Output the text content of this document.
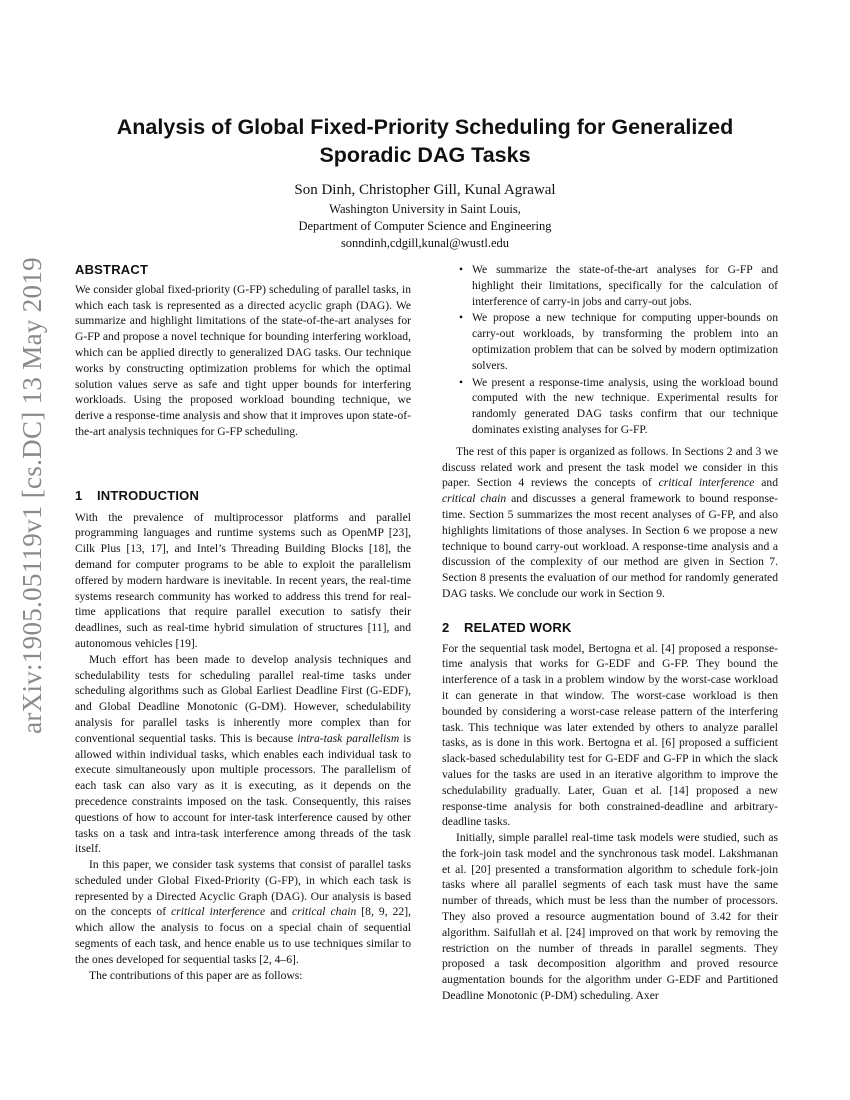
arXiv:1905.05119v1 [cs.DC] 13 May 2019
Analysis of Global Fixed-Priority Scheduling for Generalized Sporadic DAG Tasks
Son Dinh, Christopher Gill, Kunal Agrawal
Washington University in Saint Louis,
Department of Computer Science and Engineering
sonndinh,cdgill,kunal@wustl.edu
ABSTRACT

We consider global fixed-priority (G-FP) scheduling of parallel tasks, in which each task is represented as a directed acyclic graph (DAG). We summarize and highlight limitations of the state-of-the-art analyses for G-FP and propose a novel technique for bounding interfering workload, which can be applied directly to generalized DAG tasks. Our technique works by constructing optimization problems for which the optimal solution values serve as safe and tight upper bounds for interfering workloads. Using the proposed workload bounding technique, we derive a response-time analysis and show that it improves upon state-of-the-art analysis techniques for G-FP scheduling.

1 INTRODUCTION

With the prevalence of multiprocessor platforms and parallel programming languages and runtime systems such as OpenMP [23], Cilk Plus [13, 17], and Intel’s Threading Building Blocks [18], the demand for computer programs to be able to exploit the parallelism offered by modern hardware is inevitable. In recent years, the real-time systems research community has worked to address this trend for real-time applications that require parallel execution to satisfy their deadlines, such as real-time hybrid simulation of structures [11], and autonomous vehicles [19].

Much effort has been made to develop analysis techniques and schedulability tests for scheduling parallel real-time tasks under scheduling algorithms such as Global Earliest Deadline First (G-EDF), and Global Deadline Monotonic (G-DM). However, schedulability analysis for parallel tasks is inherently more complex than for conventional sequential tasks. This is because intra-task parallelism is allowed within individual tasks, which enables each individual task to execute simultaneously upon multiple processors. The parallelism of each task can also vary as it is executing, as it depends on the precedence constraints imposed on the task. Consequently, this raises questions of how to account for inter-task interference caused by other tasks on a task and intra-task interference among threads of the task itself.

In this paper, we consider task systems that consist of parallel tasks scheduled under Global Fixed-Priority (G-FP), in which each task is represented by a Directed Acyclic Graph (DAG). Our analysis is based on the concepts of critical interference and critical chain [8, 9, 22], which allow the analysis to focus on a special chain of sequential segments of each task, and hence enable us to use techniques similar to the ones developed for sequential tasks [2, 4–6].

The contributions of this paper are as follows:

• We summarize the state-of-the-art analyses for G-FP and highlight their limitations, specifically for the calculation of interference of carry-in jobs and carry-out jobs.
• We propose a new technique for computing upper-bounds on carry-out workloads, by transforming the problem into an optimization problem that can be solved by modern optimization solvers.
• We present a response-time analysis, using the workload bound computed with the new technique. Experimental results for randomly generated DAG tasks confirm that our technique dominates existing analyses for G-FP.

The rest of this paper is organized as follows. In Sections 2 and 3 we discuss related work and present the task model we consider in this paper. Section 4 reviews the concepts of critical interference and critical chain and discusses a general framework to bound response-time. Section 5 summarizes the most recent analyses of G-FP, and also highlights limitations of those analyses. In Section 6 we propose a new technique to bound carry-out workload. A response-time analysis and a discussion of the complexity of our method are given in Section 7. Section 8 presents the evaluation of our method for randomly generated DAG tasks. We conclude our work in Section 9.

2 RELATED WORK

For the sequential task model, Bertogna et al. [4] proposed a response-time analysis that works for G-EDF and G-FP. They bound the interference of a task in a problem window by the worst-case workload it can generate in that window. The worst-case workload is then bounded by considering a worst-case release pattern of the interfering task. This technique was later extended by others to analyze parallel tasks, as is done in this work. Bertogna et al. [6] proposed a sufficient slack-based schedulability test for G-EDF and G-FP in which the slack values for the tasks are used in an iterative algorithm to improve the schedulability gradually. Later, Guan et al. [14] proposed a new response-time analysis for both constrained-deadline and arbitrary-deadline tasks.

Initially, simple parallel real-time task models were studied, such as the fork-join task model and the synchronous task model. Lakshmanan et al. [20] presented a transformation algorithm to schedule fork-join tasks where all parallel segments of each task must have the same number of threads, which must be less than the number of processors. They also proved a resource augmentation bound of 3.42 for their algorithm. Saifullah et al. [24] improved on that work by removing the restriction on the number of threads in parallel segments. They proposed a task decomposition algorithm and proved resource augmentation bounds for the algorithm under G-EDF and Partitioned Deadline Monotonic (P-DM) scheduling. Axer
